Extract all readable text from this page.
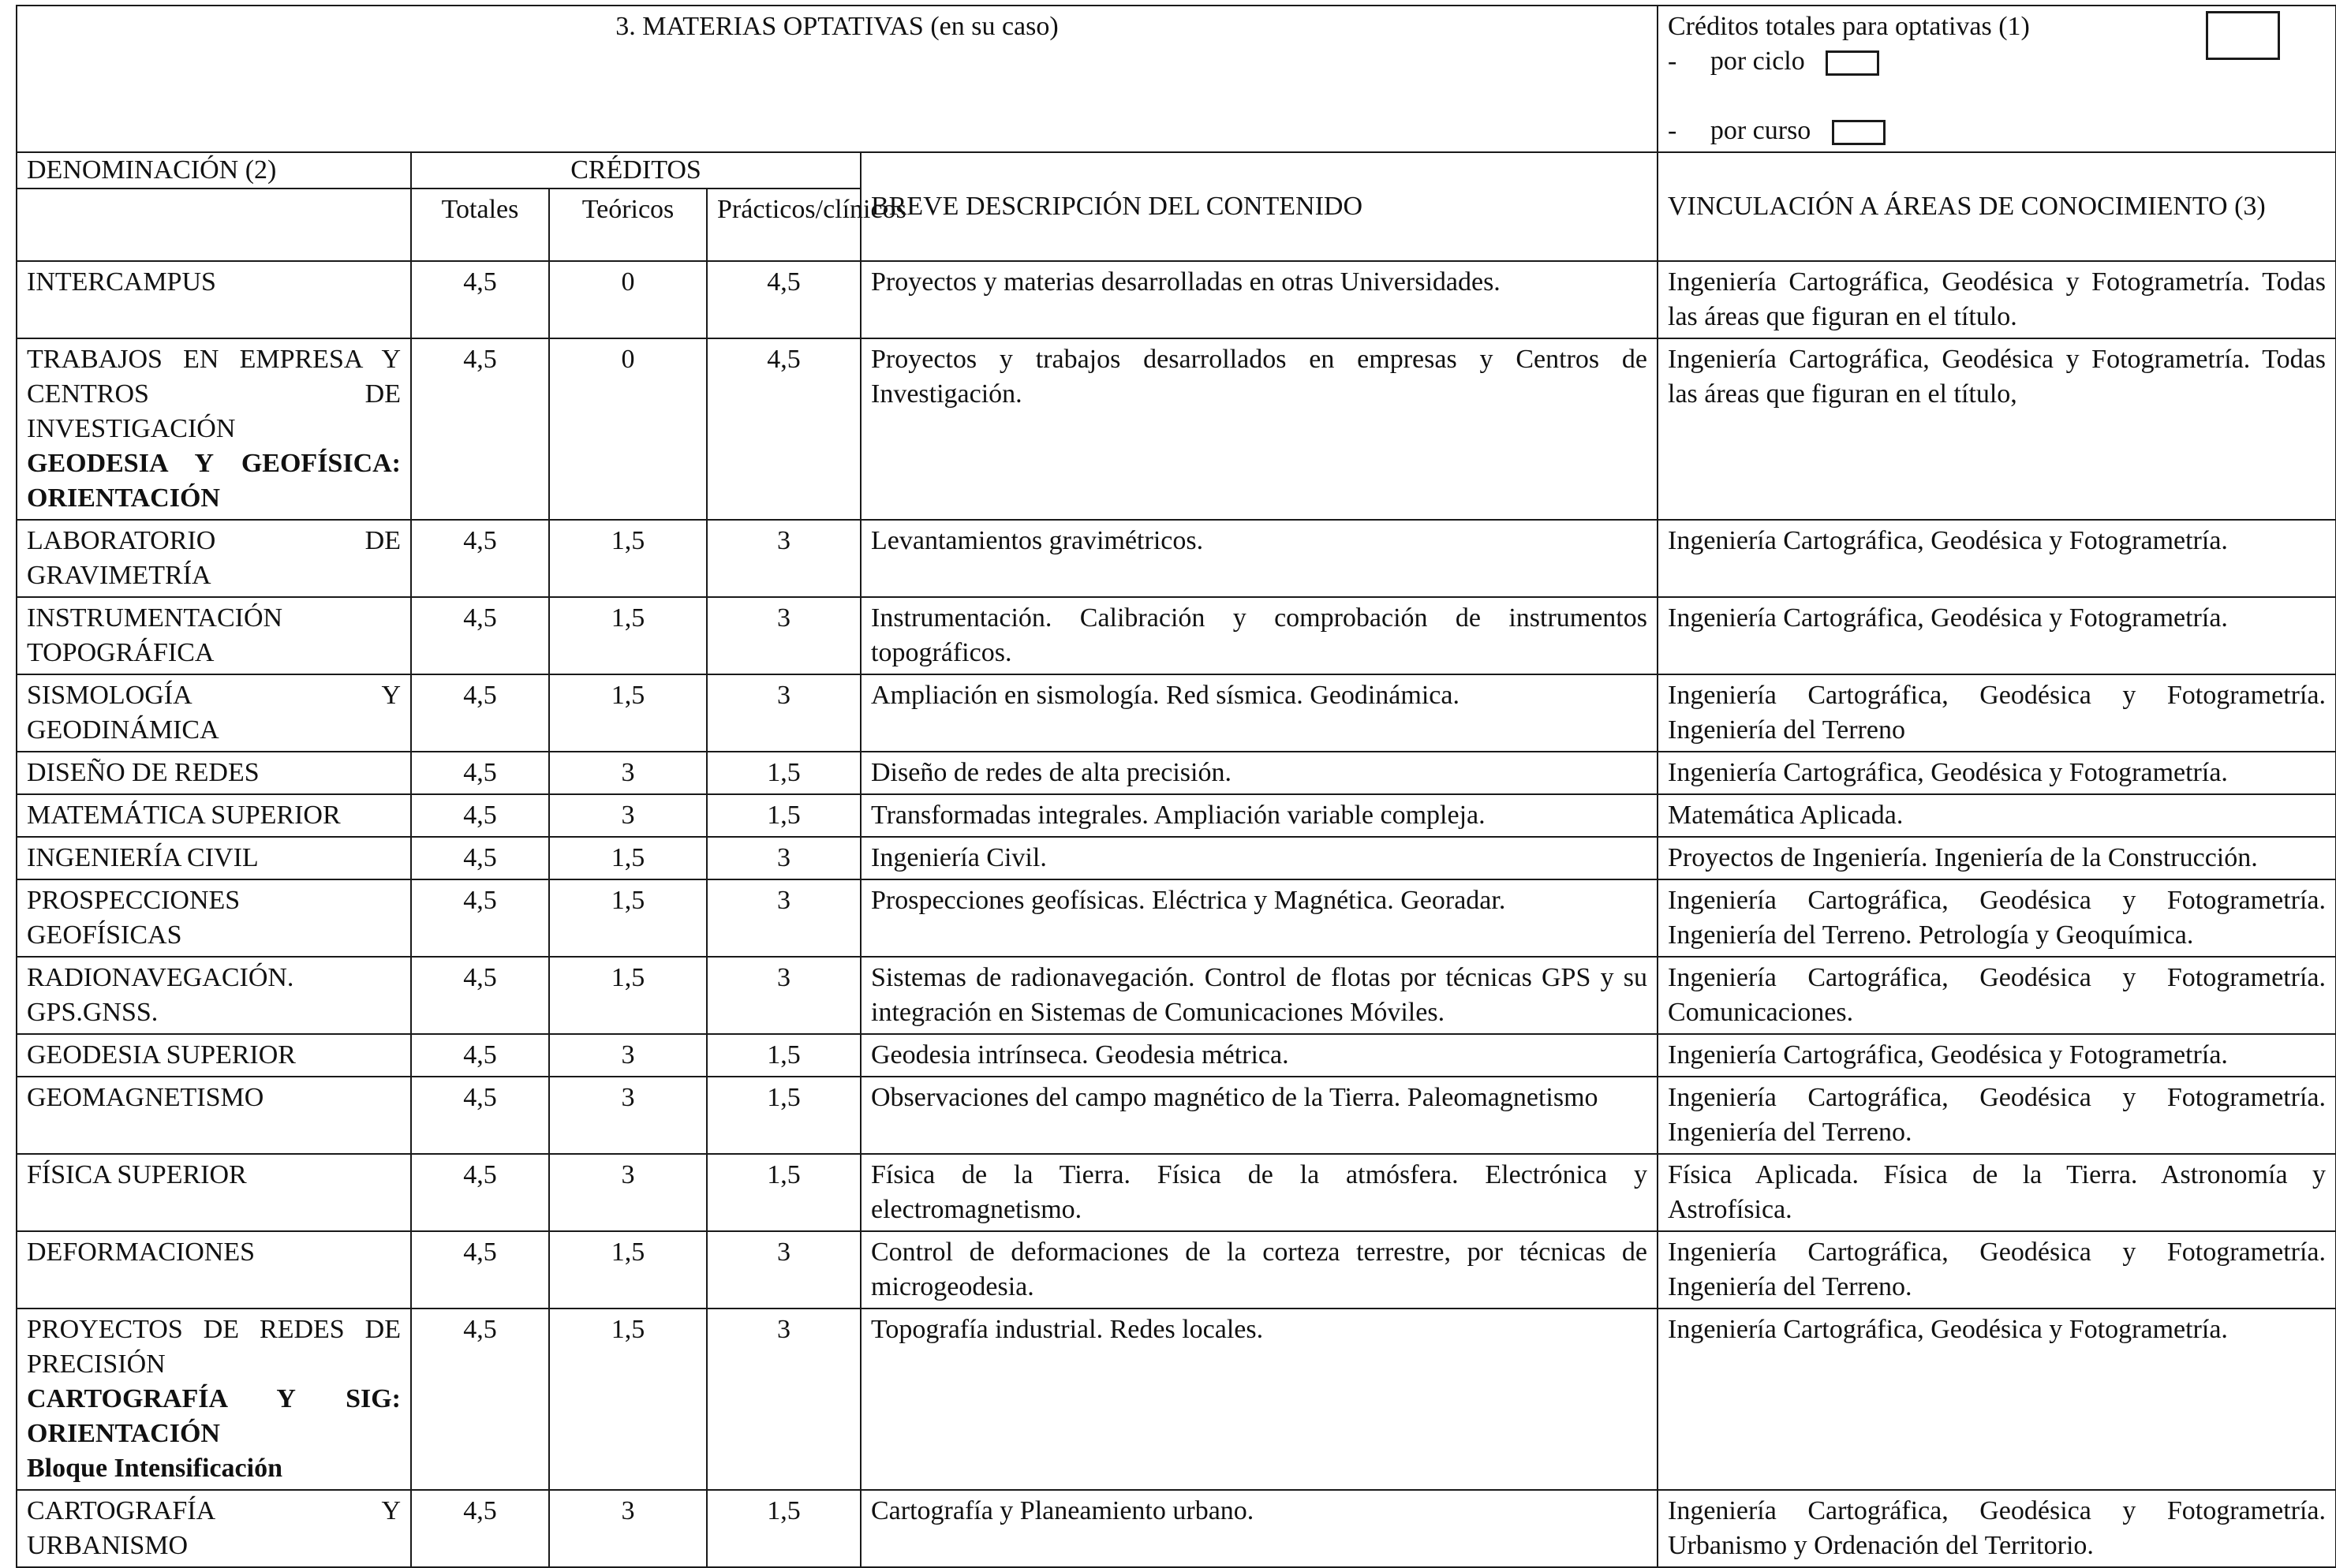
3. MATERIAS OPTATIVAS (en su caso)					Créditos totales para optativas (1)
- por ciclo
- por curso

DENOMINACIÓN (2)	CRÉDITOS			BREVE DESCRIPCIÓN DEL CONTENIDO	VINCULACIÓN A ÁREAS DE CONOCIMIENTO (3)
	Totales	Teóricos	Prácticos/clínicos		

INTERCAMPUS	4,5	0	4,5	Proyectos y materias desarrolladas en otras Universidades.	Ingeniería Cartográfica, Geodésica y Fotogrametría. Todas las áreas que figuran en el título.

TRABAJOS EN EMPRESA Y CENTROS DE INVESTIGACIÓN
GEODESIA Y GEOFÍSICA: ORIENTACIÓN	4,5	0	4,5	Proyectos y trabajos desarrollados en empresas y Centros de Investigación.	Ingeniería Cartográfica, Geodésica y Fotogrametría. Todas las áreas que figuran en el título,

LABORATORIO DE GRAVIMETRÍA	4,5	1,5	3	Levantamientos gravimétricos.	Ingeniería Cartográfica, Geodésica y Fotogrametría.

INSTRUMENTACIÓN TOPOGRÁFICA	4,5	1,5	3	Instrumentación. Calibración y comprobación de instrumentos topográficos.	Ingeniería Cartográfica, Geodésica y Fotogrametría.

SISMOLOGÍA Y GEODINÁMICA	4,5	1,5	3	Ampliación en sismología. Red sísmica. Geodinámica.	Ingeniería Cartográfica, Geodésica y Fotogrametría. Ingeniería del Terreno

DISEÑO DE REDES	4,5	3	1,5	Diseño de redes de alta precisión.	Ingeniería Cartográfica, Geodésica y Fotogrametría.

MATEMÁTICA SUPERIOR	4,5	3	1,5	Transformadas integrales. Ampliación variable compleja.	Matemática Aplicada.

INGENIERÍA CIVIL	4,5	1,5	3	Ingeniería Civil.	Proyectos de Ingeniería. Ingeniería de la Construcción.

PROSPECCIONES GEOFÍSICAS	4,5	1,5	3	Prospecciones geofísicas. Eléctrica y Magnética. Georadar.	Ingeniería Cartográfica, Geodésica y Fotogrametría. Ingeniería del Terreno. Petrología y Geoquímica.

RADIONAVEGACIÓN. GPS.GNSS.	4,5	1,5	3	Sistemas de radionavegación. Control de flotas por técnicas GPS y su integración en Sistemas de Comunicaciones Móviles.	Ingeniería Cartográfica, Geodésica y Fotogrametría. Comunicaciones.

GEODESIA SUPERIOR	4,5	3	1,5	Geodesia intrínseca. Geodesia métrica.	Ingeniería Cartográfica, Geodésica y Fotogrametría.

GEOMAGNETISMO	4,5	3	1,5	Observaciones del campo magnético de la Tierra. Paleomagnetismo	Ingeniería Cartográfica, Geodésica y Fotogrametría. Ingeniería del Terreno.

FÍSICA SUPERIOR	4,5	3	1,5	Física de la Tierra. Física de la atmósfera. Electrónica y electromagnetismo.	Física Aplicada. Física de la Tierra. Astronomía y Astrofísica.

DEFORMACIONES	4,5	1,5	3	Control de deformaciones de la corteza terrestre, por técnicas de microgeodesia.	Ingeniería Cartográfica, Geodésica y Fotogrametría. Ingeniería del Terreno.

PROYECTOS DE REDES DE PRECISIÓN
CARTOGRAFÍA Y SIG: ORIENTACIÓN
Bloque Intensificación	4,5	1,5	3	Topografía industrial. Redes locales.	Ingeniería Cartográfica, Geodésica y Fotogrametría.

CARTOGRAFÍA Y URBANISMO	4,5	3	1,5	Cartografía y Planeamiento urbano.	Ingeniería Cartográfica, Geodésica y Fotogrametría. Urbanismo y Ordenación del Territorio.
